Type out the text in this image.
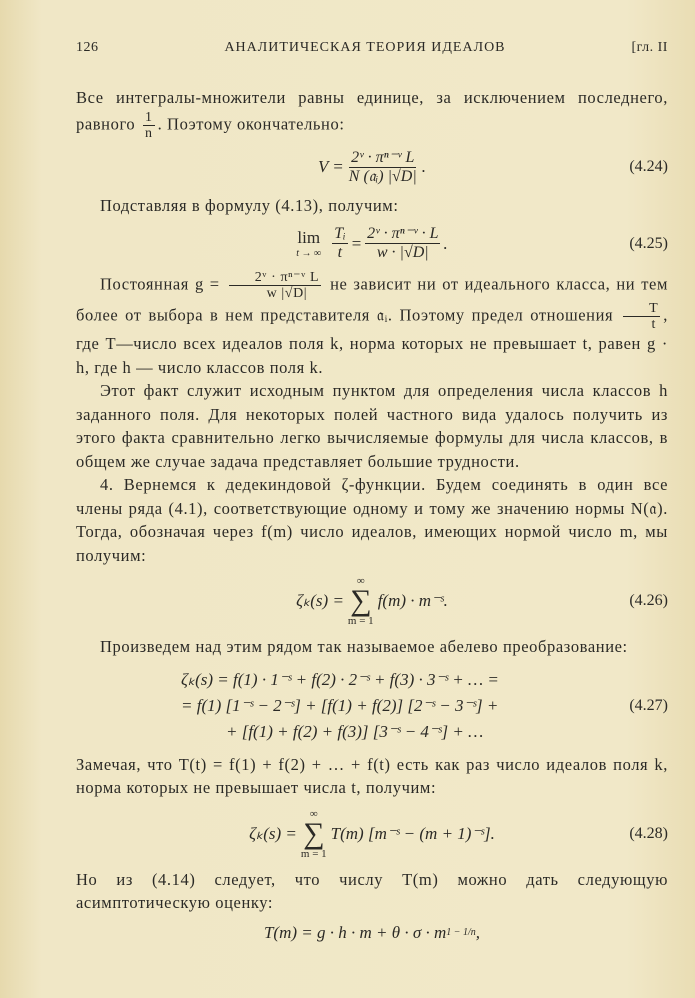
126	АНАЛИТИЧЕСКАЯ ТЕОРИЯ ИДЕАЛОВ	[гл. II

Все интегралы-множители равны единице, за исключением последнего, равного $\frac{1}{n}$ . Поэтому окончательно:

$V = \frac{\text{2ᵛ · πⁿ⁻ᵛ L}}{\text{N (𝔞ᵢ) |√D|}}$ .	(4.24)

Подставляя в формулу (4.13), получим:

lim
t → ∞ $\frac{\text{Tᵢ}}{t} = \frac{\text{2ᵛ · πⁿ⁻ᵛ · L}}{w \cdot |√D|}$ .	(4.25)

Постоянная $g = \frac{\text{2ᵛ · πⁿ⁻ᵛ L}}{w |√D|}$ не зависит ни от идеального класса, ни тем более от выбора в нем представителя 𝔞ᵢ. Поэтому предел отношения $\frac{T}{t}$ , где T—число всех идеалов поля k, норма которых не превышает t, равен g · h, где h — число классов поля k.

Этот факт служит исходным пунктом для определения числа классов h заданного поля. Для некоторых полей частного вида удалось получить из этого факта сравнительно легко вычисляемые формулы для числа классов, в общем же случае задача представляет большие трудности.

4. Вернемся к дедекиндовой ζ-функции. Будем соединять в один все члены ряда (4.1), соответствующие одному и тому же значению нормы N(𝔞). Тогда, обозначая через f(m) число идеалов, имеющих нормой число m, мы получим:

ζₖ(s) =
∞
∑
m = 1
f(m) · m⁻ˢ.	(4.26)

Произведем над этим рядом так называемое абелево преобразование:

ζₖ(s) = f(1) · 1⁻ˢ + f(2) · 2⁻ˢ + f(3) · 3⁻ˢ + … =
= f(1) [1⁻ˢ − 2⁻ˢ] + [f(1) + f(2)] [2⁻ˢ − 3⁻ˢ] +
+ [f(1) + f(2) + f(3)] [3⁻ˢ − 4⁻ˢ] + …
(4.27)

Замечая, что T(t) = f(1) + f(2) + … + f(t) есть как раз число идеалов поля k, норма которых не превышает числа t, получим:

ζₖ(s) =
∞
∑
m = 1
T(m) [m⁻ˢ − (m + 1)⁻ˢ].	(4.28)

Но из (4.14) следует, что числу T(m) можно дать следующую асимптотическую оценку:

T(m) = g · h · m + θ · σ · m 1 − 1/n ,
